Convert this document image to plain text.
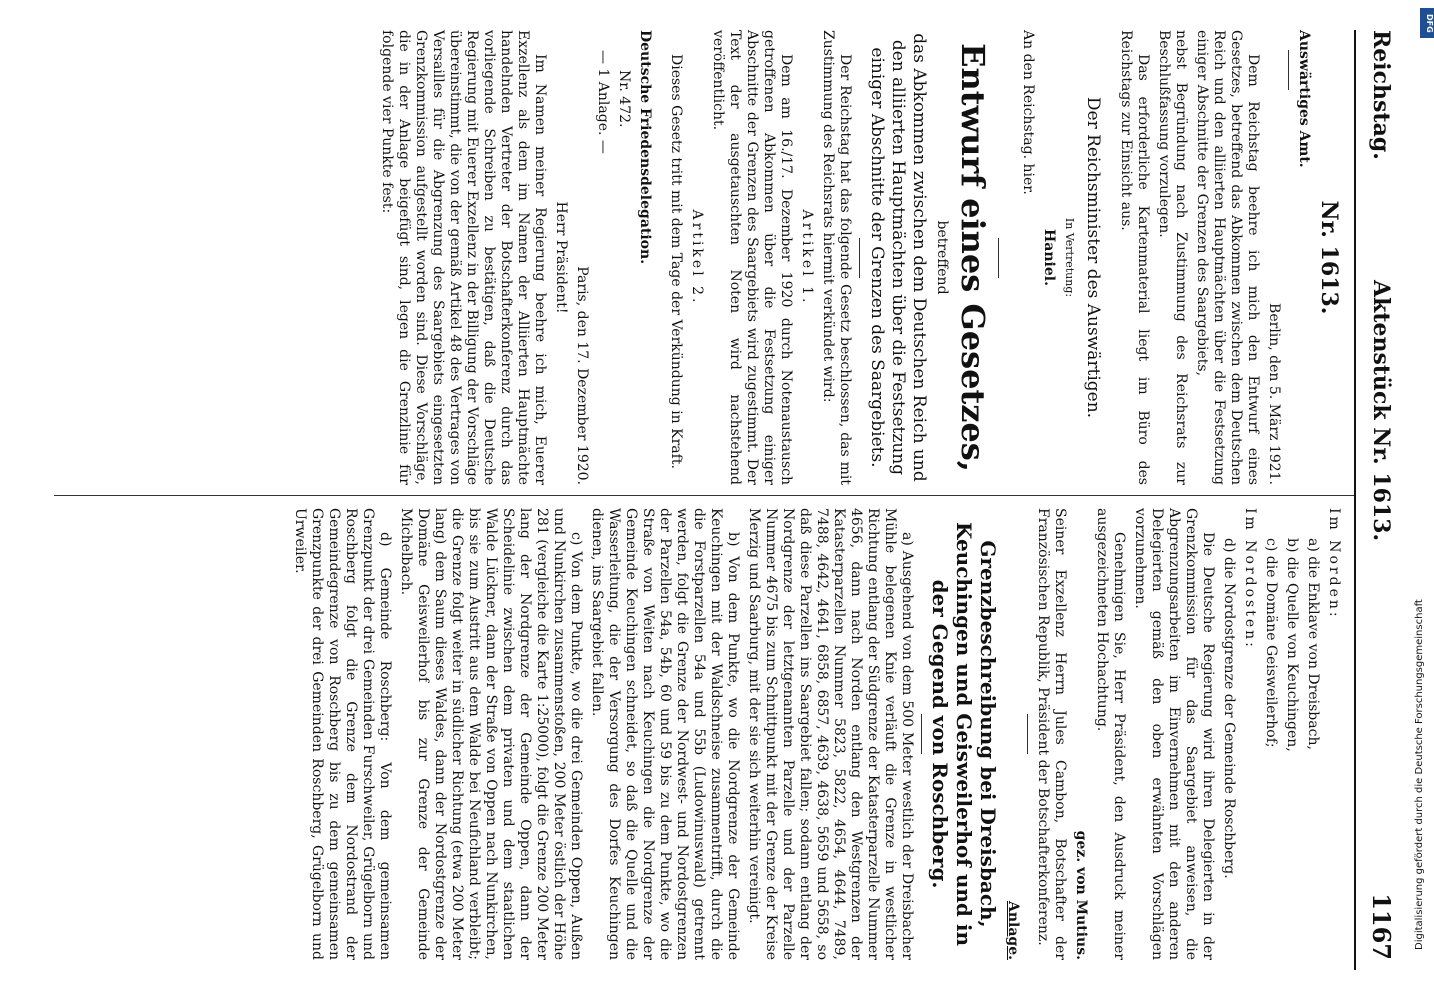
Reichstag.
Aktenstück Nr. 1613.
1167

Nr. 1613.

Auswärtiges Amt.

Berlin, den 5. März 1921.

Dem Reichstag beehre ich mich den Entwurf eines Gesetzes, betreffend das Abkommen zwischen dem Deutschen Reich und den alliierten Hauptmächten über die Festsetzung einiger Abschnitte der Grenzen des Saargebiets,

nebst Begründung nach Zustimmung des Reichsrats zur Beschlußfassung vorzulegen.

Das erforderliche Kartenmaterial liegt im Büro des Reichstags zur Einsicht aus.

Der Reichsminister des Auswärtigen.

In Vertretung:

Haniel.

An den Reichstag. hier.

Entwurf eines Gesetzes,

betreffend

das Abkommen zwischen dem Deutschen Reich und den alliierten Hauptmächten über die Festsetzung einiger Abschnitte der Grenzen des Saargebiets.

Der Reichstag hat das folgende Gesetz beschlossen, das mit Zustimmung des Reichsrats hiermit verkündet wird:

Artikel 1.

Dem am 16./17. Dezember 1920 durch Notenaustausch getroffenen Abkommen über die Festsetzung einiger Abschnitte der Grenzen des Saargebiets wird zugestimmt. Der Text der ausgetauschten Noten wird nachstehend veröffentlicht.

Artikel 2.

Dieses Gesetz tritt mit dem Tage der Verkündung in Kraft.

Deutsche Friedensdelegation.

Nr. 472.

— 1 Anlage. —

Paris, den 17. Dezember 1920.

Herr Präsident!

Im Namen meiner Regierung beehre ich mich, Euerer Exzellenz als dem im Namen der Alliierten Hauptmächte handelnden Vertreter der Botschafterkonferenz durch das vorliegende Schreiben zu bestätigen, daß die Deutsche Regierung mit Euerer Exzellenz in der Billigung der Vorschläge übereinstimmt, die von der gemäß Artikel 48 des Vertrages von Versailles für die Abgrenzung des Saargebiets eingesetzten Grenzkommission aufgestellt worden sind. Diese Vorschläge, die in der Anlage beigefügt sind, legen die Grenzlinie für folgende vier Punkte fest:

Im Norden:

a) die Enklave von Dreisbach,

b) die Quelle von Keuchingen,

c) die Domäne Geisweilerhof;

Im Nordosten:

d) die Nordostgrenze der Gemeinde Roschberg.

Die Deutsche Regierung wird ihren Delegierten in der Grenzkommission für das Saargebiet anweisen, die Abgrenzungsarbeiten im Einvernehmen mit den anderen Delegierten gemäß den oben erwähnten Vorschlägen vorzunehmen.

Genehmigen Sie, Herr Präsident, den Ausdruck meiner ausgezeichneten Hochachtung.

gez. von Mutius.

Seiner Exzellenz Herrn Jules Cambon, Botschafter der Französischen Republik, Präsident der Botschafterkonferenz.

Anlage.

Grenzbeschreibung bei Dreisbach, Keuchingen und Geisweilerhof und in der Gegend von Roschberg.

a) Ausgehend von dem 500 Meter westlich der Dreisbacher Mühle belegenen Knie verläuft die Grenze in westlicher Richtung entlang der Südgrenze der Katasterparzelle Nummer 4656, dann nach Norden entlang den Westgrenzen der Katasterparzellen Nummer 5823, 5822, 4654, 4644, 7489, 7488, 4642, 4641, 6858, 6857, 4639, 4638, 5659 und 5658, so daß diese Parzellen ins Saargebiet fallen; sodann entlang der Nordgrenze der letztgenannten Parzelle und der Parzelle Nummer 4675 bis zum Schnittpunkt mit der Grenze der Kreise Merzig und Saarburg, mit der sie sich weiterhin vereinigt.

b) Von dem Punkte, wo die Nordgrenze der Gemeinde Keuchingen mit der Waldschneise zusammentrifft, durch die die Forstparzellen 54a und 55b (Ludowinuswald) getrennt werden, folgt die Grenze der Nordwest- und Nordostgrenzen der Parzellen 54a, 54b, 60 und 59 bis zu dem Punkte, wo die Straße von Weiten nach Keuchingen die Nordgrenze der Gemeinde Keuchingen schneidet, so daß die Quelle und die Wasserleitung, die der Versorgung des Dorfes Keuchingen dienen, ins Saargebiet fallen.

c) Von dem Punkte, wo die drei Gemeinden Oppen, Außen und Nunkirchen zusammenstoßen, 200 Meter östlich der Höhe 281 (vergleiche die Karte 1:25000), folgt die Grenze 200 Meter lang der Nordgrenze der Gemeinde Oppen, dann der Scheidelinie zwischen dem privaten und dem staatlichen Walde Lückner, dann der Straße von Oppen nach Nunkirchen, bis sie zum Austritt aus dem Walde bei Neufichland verbleibt; die Grenze folgt weiter in südlicher Richtung (etwa 200 Meter lang) dem Saum dieses Waldes, dann der Nordostgrenze der Domäne Geisweilerhof bis zur Grenze der Gemeinde Michelbach.

d) Gemeinde Roschberg: Von dem gemeinsamen Grenzpunkt der drei Gemeinden Furschweiler, Grügelborn und Roschberg folgt die Grenze dem Nordostrand der Gemeindegrenze von Roschberg bis zu dem gemeinsamen Grenzpunkte der drei Gemeinden Roschberg, Grügelborn und Urweiler.

DFG
Digitalisierung gefördert durch die Deutsche Forschungsgemeinschaft
